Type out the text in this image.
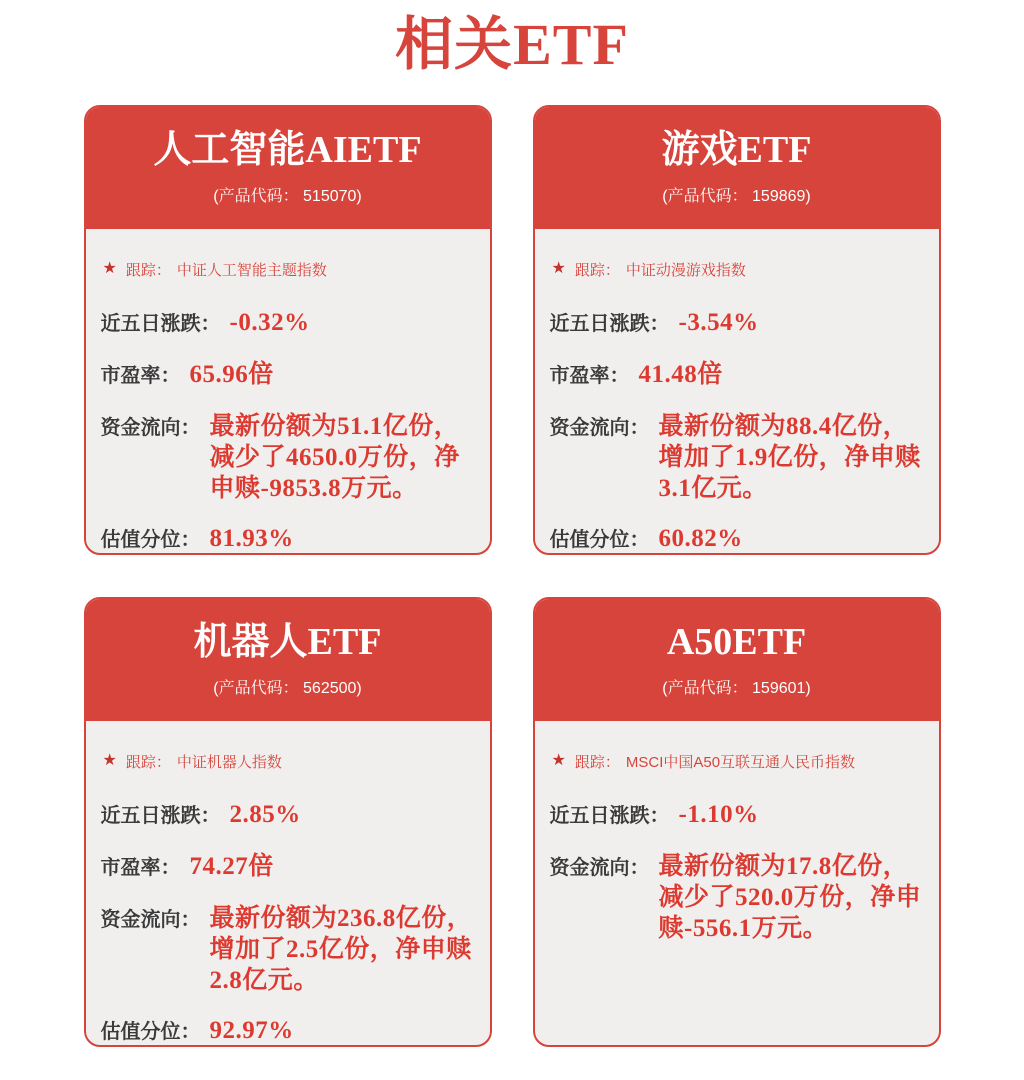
相关ETF
人工智能AIETF
(产品代码： 515070)
★ 跟踪： 中证人工智能主题指数
近五日涨跌： -0.32%
市盈率： 65.96倍
资金流向： 最新份额为51.1亿份，减少了4650.0万份，净申赎-9853.8万元。
估值分位： 81.93%
游戏ETF
(产品代码： 159869)
★ 跟踪： 中证动漫游戏指数
近五日涨跌： -3.54%
市盈率： 41.48倍
资金流向： 最新份额为88.4亿份，增加了1.9亿份，净申赎3.1亿元。
估值分位： 60.82%
机器人ETF
(产品代码： 562500)
★ 跟踪： 中证机器人指数
近五日涨跌： 2.85%
市盈率： 74.27倍
资金流向： 最新份额为236.8亿份，增加了2.5亿份，净申赎2.8亿元。
估值分位： 92.97%
A50ETF
(产品代码： 159601)
★ 跟踪： MSCI中国A50互联互通人民币指数
近五日涨跌： -1.10%
资金流向： 最新份额为17.8亿份，减少了520.0万份，净申赎-556.1万元。
